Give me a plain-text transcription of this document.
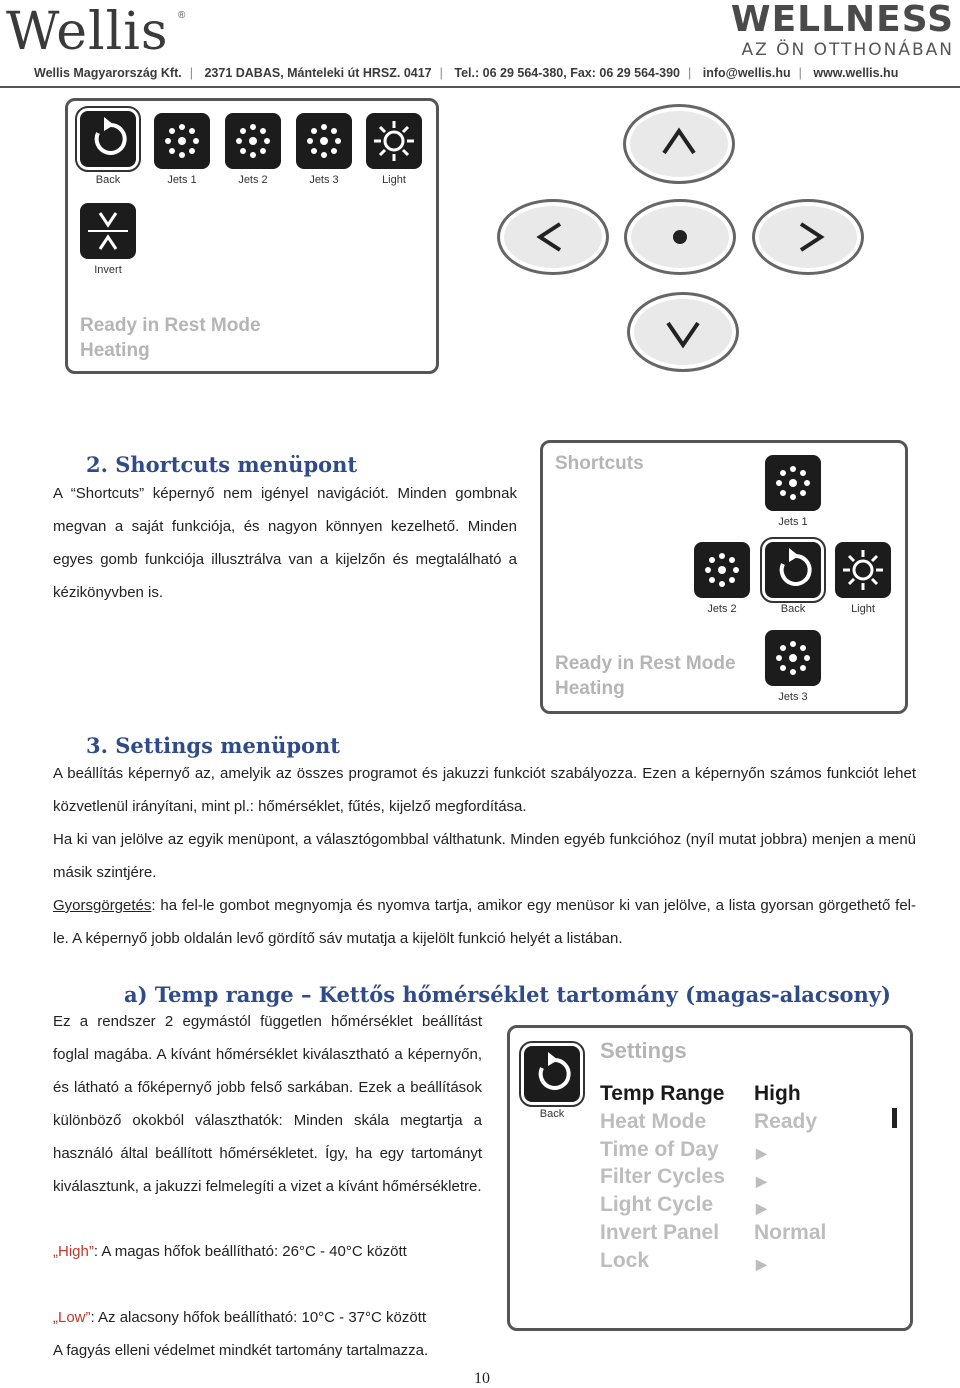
Wellis ®	WELLNESS
AZ ÖN OTTHONÁBAN
Wellis Magyarország Kft. | 2371 DABAS, Mánteleki út HRSZ. 0417 | Tel.: 06 29 564-380, Fax: 06 29 564-390 | info@wellis.hu | www.wellis.hu
Back	Jets 1	Jets 2	Jets 3	Light
Invert
Ready in Rest Mode
Heating
2. Shortcuts menüpont
A “Shortcuts” képernyő nem igényel navigációt. Minden gombnak megvan a saját funkciója, és nagyon könnyen kezelhető. Minden egyes gomb funkciója illusztrálva van a kijelzőn és megtalálható a kézikönyvben is.
Shortcuts
Jets 1
Jets 2	Back	Light
Jets 3
Ready in Rest Mode
Heating
3. Settings menüpont
A beállítás képernyő az, amelyik az összes programot és jakuzzi funkciót szabályozza. Ezen a képernyőn számos funkciót lehet közvetlenül irányítani, mint pl.: hőmérséklet, fűtés, kijelző megfordítása.
Ha ki van jelölve az egyik menüpont, a választógombbal válthatunk. Minden egyéb funkcióhoz (nyíl mutat jobbra) menjen a menü másik szintjére.
Gyorsgörgetés: ha fel-le gombot megnyomja és nyomva tartja, amikor egy menüsor ki van jelölve, a lista gyorsan görgethető fel-le. A képernyő jobb oldalán levő gördítő sáv mutatja a kijelölt funkció helyét a listában.
a) Temp range – Kettős hőmérséklet tartomány (magas-alacsony)
Ez a rendszer 2 egymástól független hőmérséklet beállítást foglal magába. A kívánt hőmérséklet kiválasztható a képernyőn, és látható a főképernyő jobb felső sarkában. Ezek a beállítások különböző okokból választhatók: Minden skála megtartja a használó által beállított hőmérsékletet. Így, ha egy tartományt kiválasztunk, a jakuzzi felmelegíti a vizet a kívánt hőmérsékletre.
„High”: A magas hőfok beállítható: 26°C - 40°C között
„Low”: Az alacsony hőfok beállítható: 10°C - 37°C között
A fagyás elleni védelmet mindkét tartomány tartalmazza.
Back
Settings
Temp Range High
Heat Mode Ready
Time of Day	▶
Filter Cycles ▶
Light Cycle	▶
Invert Panel Normal
Lock	▶
10
